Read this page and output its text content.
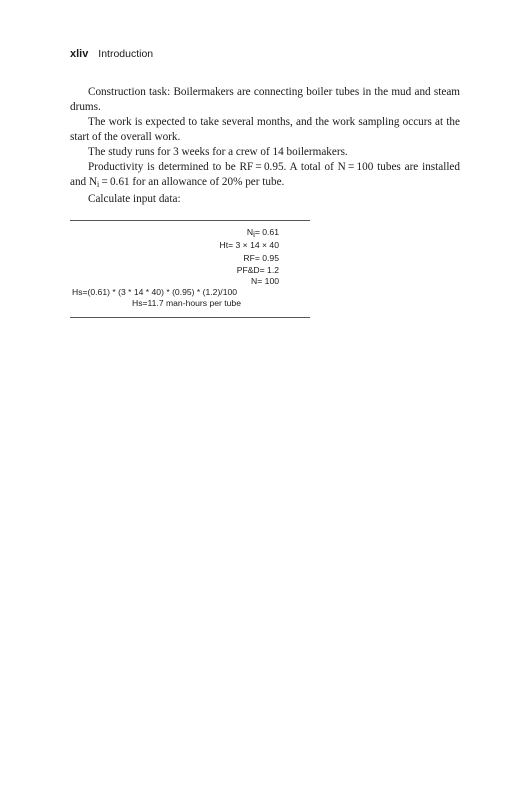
xliv Introduction

Construction task: Boilermakers are connecting boiler tubes in the mud and steam drums.

The work is expected to take several months, and the work sampling occurs at the start of the overall work.

The study runs for 3 weeks for a crew of 14 boilermakers.

Productivity is determined to be RF = 0.95. A total of N = 100 tubes are installed and $N_i = 0.61$ for an allowance of 20% per tube.

Calculate input data:

Ni= 0.61
Ht= 3 × 14 × 40
RF= 0.95
PF&D= 1.2
N= 100
Hs=(0.61) * (3 * 14 * 40) * (0.95) * (1.2)/100
Hs=11.7 man-hours per tube
